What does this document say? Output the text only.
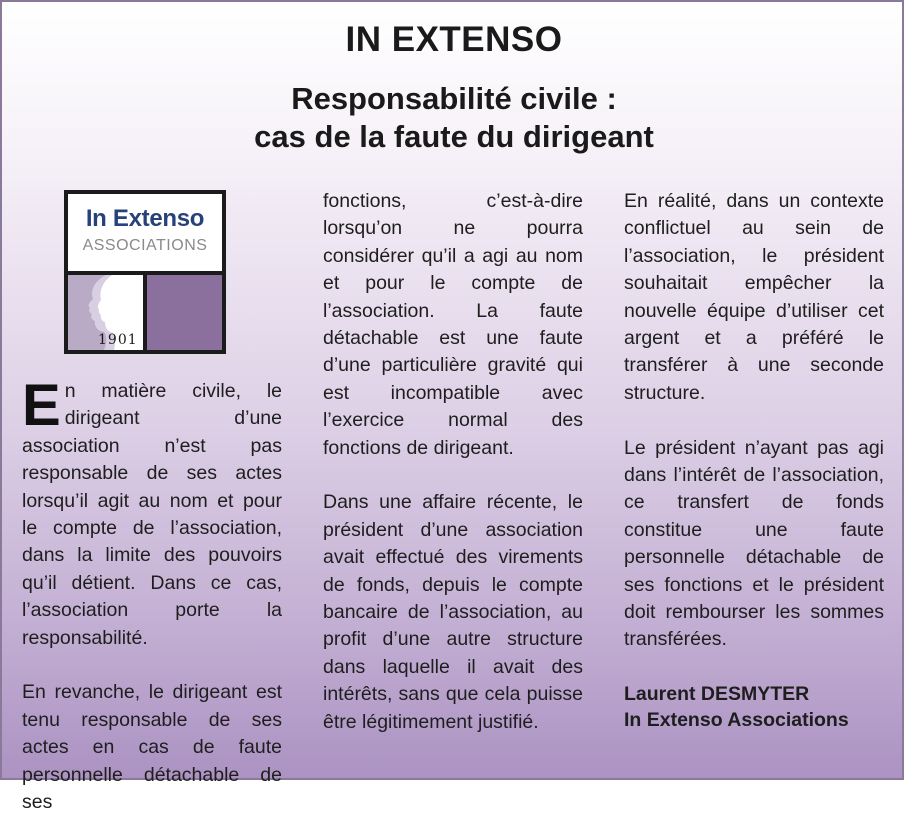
IN EXTENSO
Responsabilité civile :
cas de la faute du dirigeant
In Extenso
ASSOCIATIONS
1901

En matière civile, le dirigeant d’une association n’est pas responsable de ses actes lorsqu’il agit au nom et pour le compte de l’association, dans la limite des pouvoirs qu’il détient. Dans ce cas, l’association porte la responsabilité.

En revanche, le dirigeant est tenu responsable de ses actes en cas de faute personnelle détachable de ses

fonctions, c’est-à-dire lorsqu’on ne pourra considérer qu’il a agi au nom et pour le compte de l’association. La faute détachable est une faute d’une particulière gravité qui est incompatible avec l’exercice normal des fonctions de dirigeant.

Dans une affaire récente, le président d’une association avait effectué des virements de fonds, depuis le compte bancaire de l’association, au profit d’une autre structure dans laquelle il avait des intérêts, sans que cela puisse être légitimement justifié.

En réalité, dans un contexte conflictuel au sein de l’association, le président souhaitait empêcher la nouvelle équipe d’utiliser cet argent et a préféré le transférer à une seconde structure.

Le président n’ayant pas agi dans l’intérêt de l’association, ce transfert de fonds constitue une faute personnelle détachable de ses fonctions et le président doit rembourser les sommes transférées.

Laurent DESMYTER
In Extenso Associations
